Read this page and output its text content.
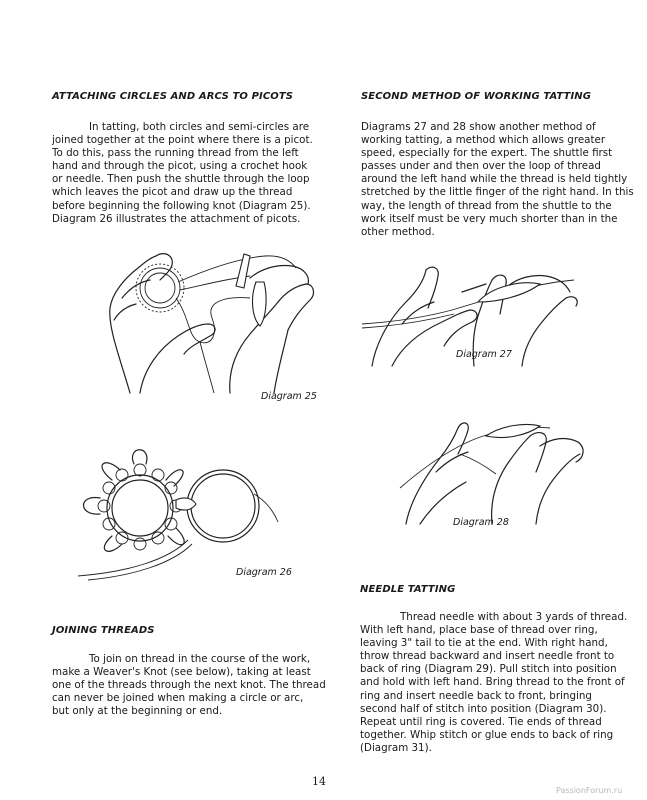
ATTACHING CIRCLES AND ARCS TO PICOTS

In tatting, both circles and semi-circles are
joined together at the point where there is a picot.
To do this, pass the running thread from the left
hand and through the picot, using a crochet hook
or needle. Then push the shuttle through the loop
which leaves the picot and draw up the thread
before beginning the following knot (Diagram 25).
Diagram 26 illustrates the attachment of picots.

Diagram 25
Diagram 26
JOINING THREADS

To join on thread in the course of the work,
make a Weaver's Knot (see below), taking at least
one of the threads through the next knot. The thread
can never be joined when making a circle or arc,
but only at the beginning or end.

SECOND METHOD OF WORKING TATTING

Diagrams 27 and 28 show another method of
working tatting, a method which allows greater
speed, especially for the expert. The shuttle first
passes under and then over the loop of thread
around the left hand while the thread is held tightly
stretched by the little finger of the right hand. In this
way, the length of thread from the shuttle to the
work itself must be very much shorter than in the
other method.

Diagram 27
Diagram 28
NEEDLE TATTING

Thread needle with about 3 yards of thread.
With left hand, place base of thread over ring,
leaving 3" tail to tie at the end. With right hand,
throw thread backward and insert needle front to
back of ring (Diagram 29). Pull stitch into position
and hold with left hand. Bring thread to the front of
ring and insert needle back to front, bringing
second half of stitch into position (Diagram 30).
Repeat until ring is covered. Tie ends of thread
together. Whip stitch or glue ends to back of ring
(Diagram 31).

14
PassionForum.ru
